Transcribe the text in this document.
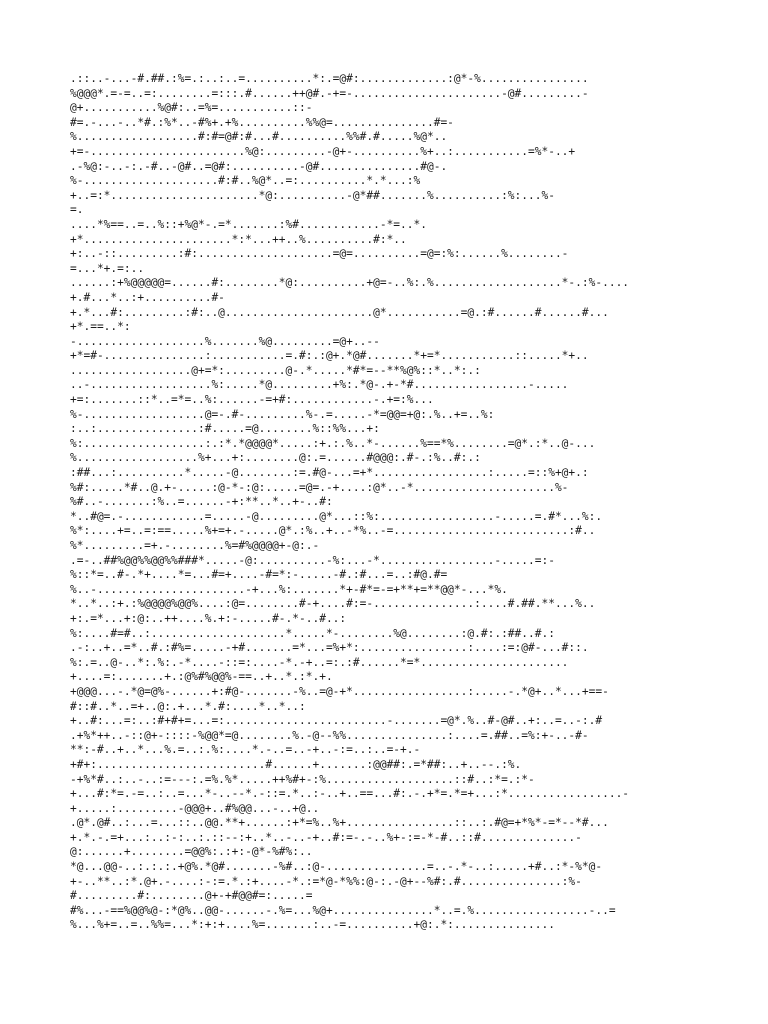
.::..-...-#.##.:%=.:..:..=..........*:.=@#:.............:@*-%................
%@@@*.=-=..=:........=:::.#......++@#.-+=-......................-@#.........-
@+...........%@#:..=%=...........::-
#=.-...-..*#.:%*..-#%+.+%..........%%@=...............#=-
%..................#:#=@#:#...#..........%%#.#.....%@*..
+=-.......................%@:.........-@+-..........%+..:...........=%*-..+
.-%@:-..-:.-#..-@#..=@#:..........-@#...............#@-.
%-....................#:#..%@*..=:..........*.*...:%
+..=:*......................*@:..........-@*##.......%..........:%:...%-
=.
....*%==..=..%::+%@*-.=*.......:%#............-*=..*.
+*......................*:*...++..%..........#:*..
+:..-::.........:#:....................=@=..........=@=:%:......%........-
=...*+.=:..
......:+%@@@@@=......#:........*@:..........+@=-..%:.%...................*-.:%-....
+.#...*..:+..........#-
+.*...#:.........:#:..@......................@*...........=@.:#......#......#...
+*.==..*:
-...................%.......%@.........=@+..--
+*=#-...............:...........=.#:.:@+.*@#.......*+=*...........::.....*+..
..................@+=*:.........@-.*.....*#*=--**%@%::*..*:.:
..-..................%:.....*@.........+%:.*@-.+-*#.................-.....
+=:.......::*..=*=..%:......-=+#:............-.+=:%...
%-..................@=-.#-.........%-.=.....-*=@@=+@:.%..+=..%:
:..:...............:#.....=@........%::%%...+:
%:..................:.:*.*@@@@*.....:+.:.%..*-......%==*%........=@*.:*..@-...
%..................%+...+:........@:.=......#@@@:.#-.:%..#:.:
:##...:..........*.....-@........:=.#@-...=+*.................:.....=::%+@+.:
%#:.....*#..@.+-.....:@-*-:@:.....=@=.-+....:@*..-*.....................%-
%#..-.......:%..=......-+:**..*..+-..#:
*..#@=.-............=.....-@.........@*...::%:.................-.....=.#*...%:.
%*:....+=..=:==.....%+=+.-.....@*.:%..+..-*%..-=..........................:#..
%*.........=+.-........%=#%@@@@+-@:.-
.=-..##%@@%%@@%%###*.....-@:..........-%:...-*.................-.....=:-
%::*=..#-.*+....*=...#=+....-#=*:-.....-#.:#...=..:#@.#=
%..-......................-+...%:.......*+-#*=-=+**+=**@@*-...*%.
*..*..:+.:%@@@@%@@%....:@=........#-+....#:=-...............:....#.##.**...%..
+:.=*...+:@:..++....%.+:-.....#-.*-..#..:
%:....#=#..:....................*.....*-........%@........:@.#:.:##..#.:
.-:..+..=*..#.:#%=.....-+#.......=*...=%+*:................:....:=:@#-...#::.
%:.=..@-..*:.%:.-*....-::=:....-*.-+..=:.:#......*=*......................
+....=:.......+.:@%#%@@%-==..+..*.:*.+.
+@@@...-.*@=@%-......+:#@-.......-%..=@-+*.................:.....-.*@+..*...+==-
#::#..*..=+..@:.+...*.#:....*..*..:
+..#:...=:..:#+#+=...=:........................-.......=@*.%..#-@#..+:..=..-:.#
.+%*++..-::@+-::::-%@@*=@........%.-@--%%...............:....=.##..=%:+-..-#-
**:-#..+..*...%.=..:.%:....*.-..=..-+..-:=..:..=-+.-
+#+:.........................#......+.......:@@##:.=*##:..+..--.:%.
-+%*#..:..-..:=---:.=%.%*.....++%#+-:%...................::#..:*=.:*-
+...#:*=.-=..:..=...*-..--*.-::=.*..:-..+..==...#:.-.+*=.*=+...:*.................-
+.....:.........-@@@+..#%@@...-..+@..
.@*.@#..:...=...::..@@.**+......:+*=%..%+................::..:.#@=+*%*-=*--*#...
+.*.-.=+...:..:-:..:.::--:+..*..-..-+..#:=-.-..%+-:=-*-#..::#..............-
@:......+........=@@%:.:+:-@*-%#%:..
*@...@@-..:.:.:.+@%.*@#.......-%#..:@-...............=..-.*-..:.....+#..:*-%*@-
+-..**..:*.@+.-....:-:=.*.:+....-*.:=*@-*%%:@-:.-@+--%#:.#...............:%-
#.........#:........@+-+#@@#=:.....=
#%...-==%@@%@-:*@%..@@-......-.%=...%@+...............*..=.%.................-..=
%...%+=..=..%%=...*:+:+....%=.......:..-=..........+@:.*:...............
